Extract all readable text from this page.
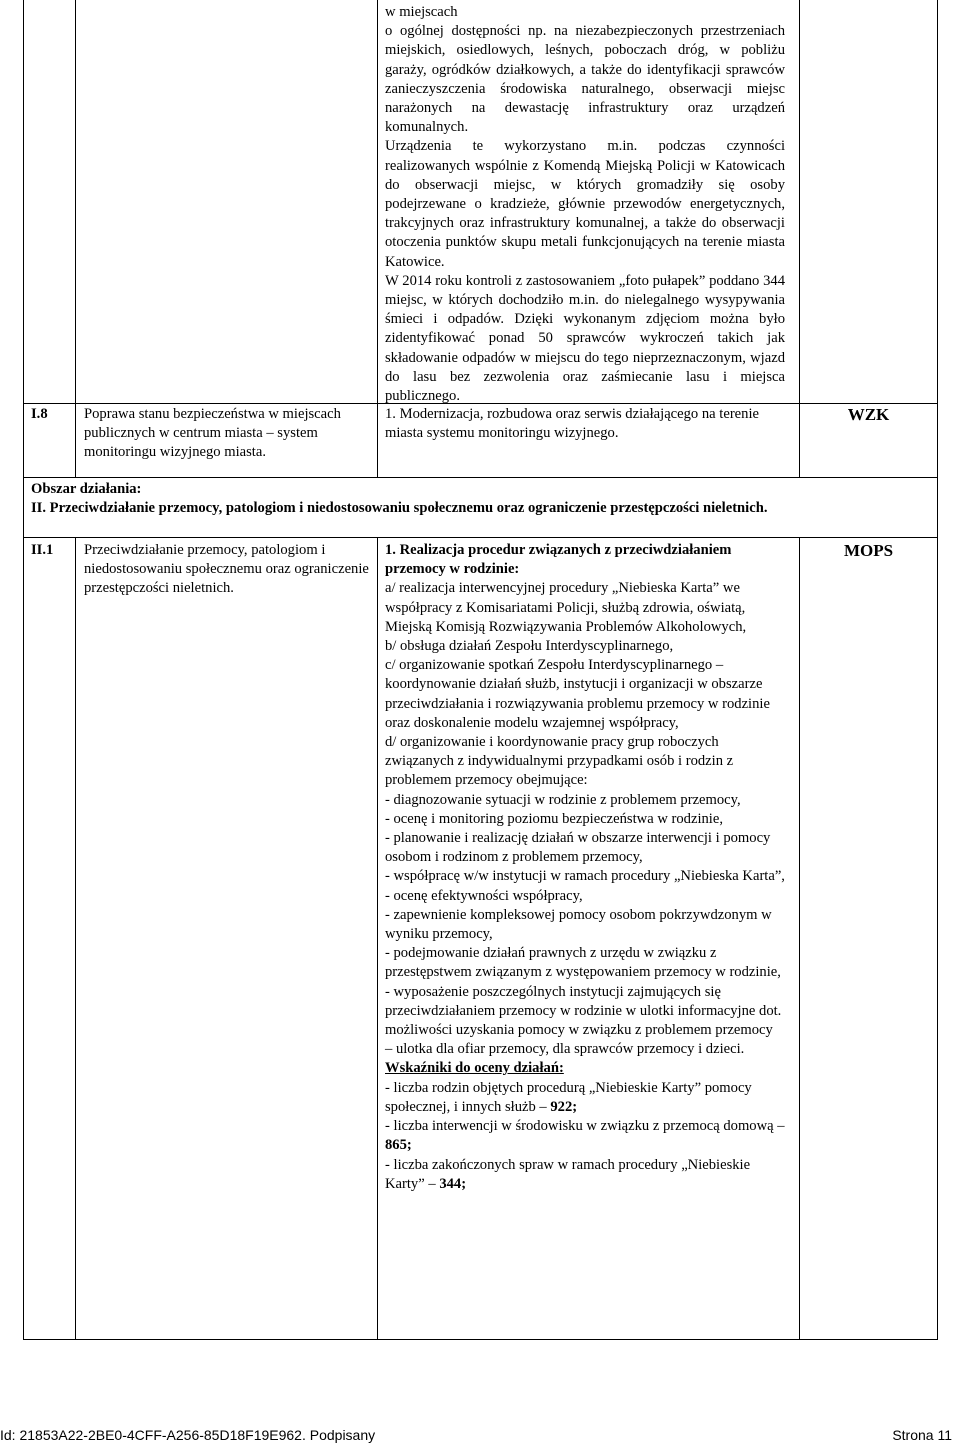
w miejscach

o ogólnej dostępności np. na niezabezpieczonych przestrzeniach miejskich, osiedlowych, leśnych, poboczach dróg, w pobliżu garaży, ogródków działkowych, a także do identyfikacji sprawców zanieczyszczenia środowiska naturalnego, obserwacji miejsc narażonych na dewastację infrastruktury oraz urządzeń komunalnych.

Urządzenia te wykorzystano m.in. podczas czynności realizowanych wspólnie z Komendą Miejską Policji w Katowicach do obserwacji miejsc, w których gromadziły się osoby podejrzewane o kradzieże, głównie przewodów energetycznych, trakcyjnych oraz infrastruktury komunalnej, a także do obserwacji otoczenia punktów skupu metali funkcjonujących na terenie miasta Katowice.

W 2014 roku kontroli z zastosowaniem „foto pułapek” poddano 344 miejsc, w których dochodziło m.in. do nielegalnego wysypywania śmieci i odpadów. Dzięki wykonanym zdjęciom można było zidentyfikować ponad 50 sprawców wykroczeń takich jak składowanie odpadów w miejscu do tego nieprzeznaczonym, wjazd do lasu bez zezwolenia oraz zaśmiecanie lasu i miejsca publicznego.

I.8 Poprawa stanu bezpieczeństwa w miejscach publicznych w centrum miasta – system monitoringu wizyjnego miasta.
1. Modernizacja, rozbudowa oraz serwis działającego na terenie miasta systemu monitoringu wizyjnego.
WZK
Obszar działania:
II. Przeciwdziałanie przemocy, patologiom i niedostosowaniu społecznemu oraz ograniczenie przestępczości nieletnich.
II.1 Przeciwdziałanie przemocy, patologiom i niedostosowaniu społecznemu oraz ograniczenie przestępczości nieletnich.

1. Realizacja procedur związanych z przeciwdziałaniem przemocy w rodzinie:

a/ realizacja interwencyjnej procedury „Niebieska Karta” we współpracy z Komisariatami Policji, służbą zdrowia, oświatą, Miejską Komisją Rozwiązywania Problemów Alkoholowych,

b/ obsługa działań Zespołu Interdyscyplinarnego,

c/ organizowanie spotkań Zespołu Interdyscyplinarnego – koordynowanie działań służb, instytucji i organizacji w obszarze przeciwdziałania i rozwiązywania problemu przemocy w rodzinie oraz doskonalenie modelu wzajemnej współpracy,

d/ organizowanie i koordynowanie pracy grup roboczych związanych z indywidualnymi przypadkami osób i rodzin z problemem przemocy obejmujące:

- diagnozowanie sytuacji w rodzinie z problemem przemocy,

- ocenę i monitoring poziomu bezpieczeństwa w rodzinie,

- planowanie i realizację działań w obszarze interwencji i pomocy osobom i rodzinom z problemem przemocy,

- współpracę w/w instytucji w ramach procedury „Niebieska Karta”,

- ocenę efektywności współpracy,

- zapewnienie kompleksowej pomocy osobom pokrzywdzonym w wyniku przemocy,

- podejmowanie działań prawnych z urzędu w związku z przestępstwem związanym z występowaniem przemocy w rodzinie,

- wyposażenie poszczególnych instytucji zajmujących się przeciwdziałaniem przemocy w rodzinie w ulotki informacyjne dot. możliwości uzyskania pomocy w związku z problemem przemocy

– ulotka dla ofiar przemocy, dla sprawców przemocy i dzieci.

Wskaźniki do oceny działań:

- liczba rodzin objętych procedurą „Niebieskie Karty” pomocy społecznej, i innych służb – 922;

- liczba interwencji w środowisku w związku z przemocą domową – 865;

- liczba zakończonych spraw w ramach procedury „Niebieskie Karty” – 344;

MOPS
Id: 21853A22-2BE0-4CFF-A256-85D18F19E962. Podpisany	Strona 11
